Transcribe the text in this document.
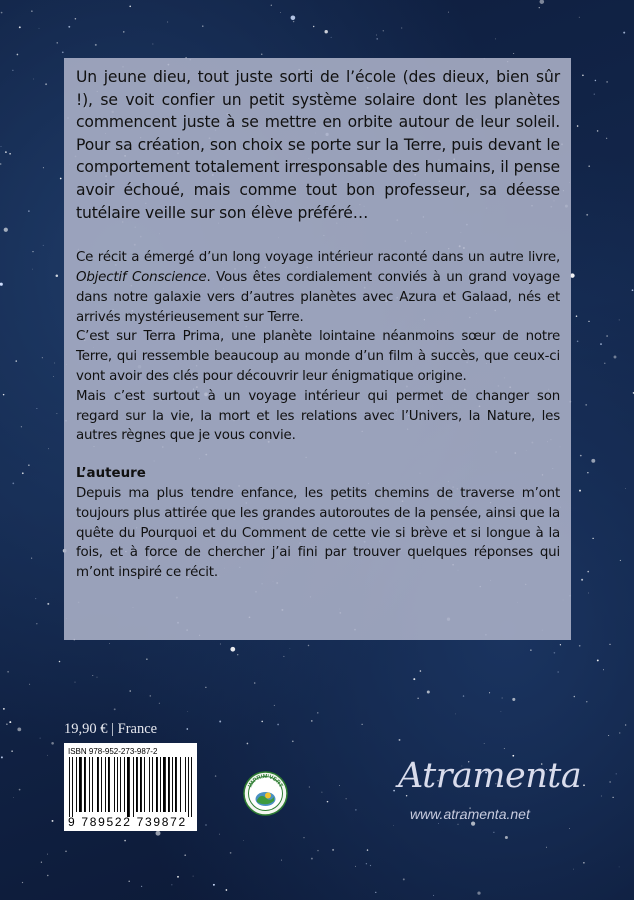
Un jeune dieu, tout juste sorti de l’école (des dieux, bien sûr !), se voit confier un petit système solaire dont les planètes commencent juste à se mettre en orbite autour de leur soleil. Pour sa création, son choix se porte sur la Terre, puis devant le comportement totalement irresponsable des humains, il pense avoir échoué, mais comme tout bon professeur, sa déesse tutélaire veille sur son élève préféré…

Ce récit a émergé d’un long voyage intérieur raconté dans un autre livre, Objectif Conscience. Vous êtes cordialement conviés à un grand voyage dans notre galaxie vers d’autres planètes avec Azura et Galaad, nés et arrivés mystérieusement sur Terre.

C’est sur Terra Prima, une planète lointaine néanmoins sœur de notre Terre, qui ressemble beaucoup au monde d’un film à succès, que ceux-ci vont avoir des clés pour découvrir leur énigmatique origine.

Mais c’est surtout à un voyage intérieur qui permet de changer son regard sur la vie, la mort et les relations avec l’Univers, la Nature, les autres règnes que je vous convie.

L’auteure

Depuis ma plus tendre enfance, les petits chemins de traverse m’ont toujours plus attirée que les grandes autoroutes de la pensée, ainsi que la quête du Pourquoi et du Comment de cette vie si brève et si longue à la fois, et à force de chercher j’ai fini par trouver quelques réponses qui m’ont inspiré ce récit.

19,90 € | France
ISBN 978-952-273-987-2
9 789522 739872
IMPRIM'VERT	Atramenta
www.atramenta.net
